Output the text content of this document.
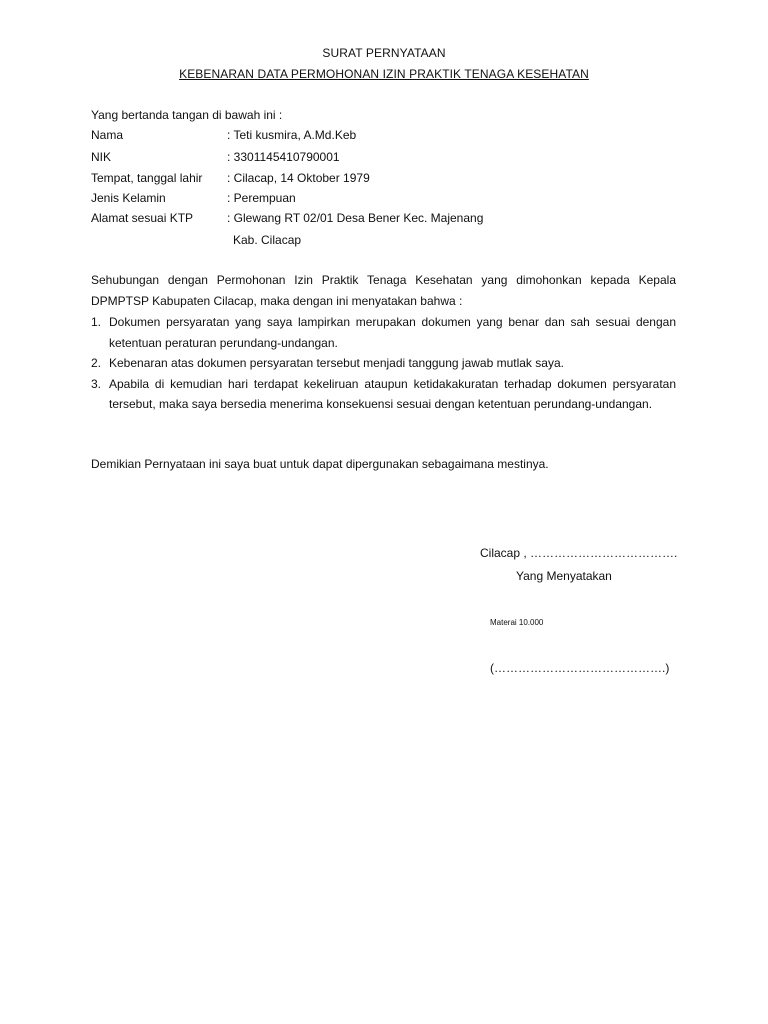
SURAT PERNYATAAN
KEBENARAN DATA PERMOHONAN IZIN PRAKTIK TENAGA KESEHATAN
Yang bertanda tangan di bawah ini :
Nama	: Teti kusmira, A.Md.Keb
NIK	: 3301145410790001
Tempat, tanggal lahir : Cilacap, 14 Oktober 1979
Jenis Kelamin	: Perempuan
Alamat sesuai KTP	: Glewang RT 02/01 Desa Bener Kec. Majenang
Kab. Cilacap

Sehubungan dengan Permohonan Izin Praktik Tenaga Kesehatan yang dimohonkan kepada Kepala DPMPTSP Kabupaten Cilacap, maka dengan ini menyatakan bahwa :

1. Dokumen persyaratan yang saya lampirkan merupakan dokumen yang benar dan sah sesuai dengan ketentuan peraturan perundang-undangan.
2. Kebenaran atas dokumen persyaratan tersebut menjadi tanggung jawab mutlak saya.
3. Apabila di kemudian hari terdapat kekeliruan ataupun ketidakakuratan terhadap dokumen persyaratan tersebut, maka saya bersedia menerima konsekuensi sesuai dengan ketentuan perundang-undangan.
Demikian Pernyataan ini saya buat untuk dapat dipergunakan sebagaimana mestinya.
Cilacap , ……………………………….
Yang Menyatakan
Materai 10.000
(…………………………………….)
